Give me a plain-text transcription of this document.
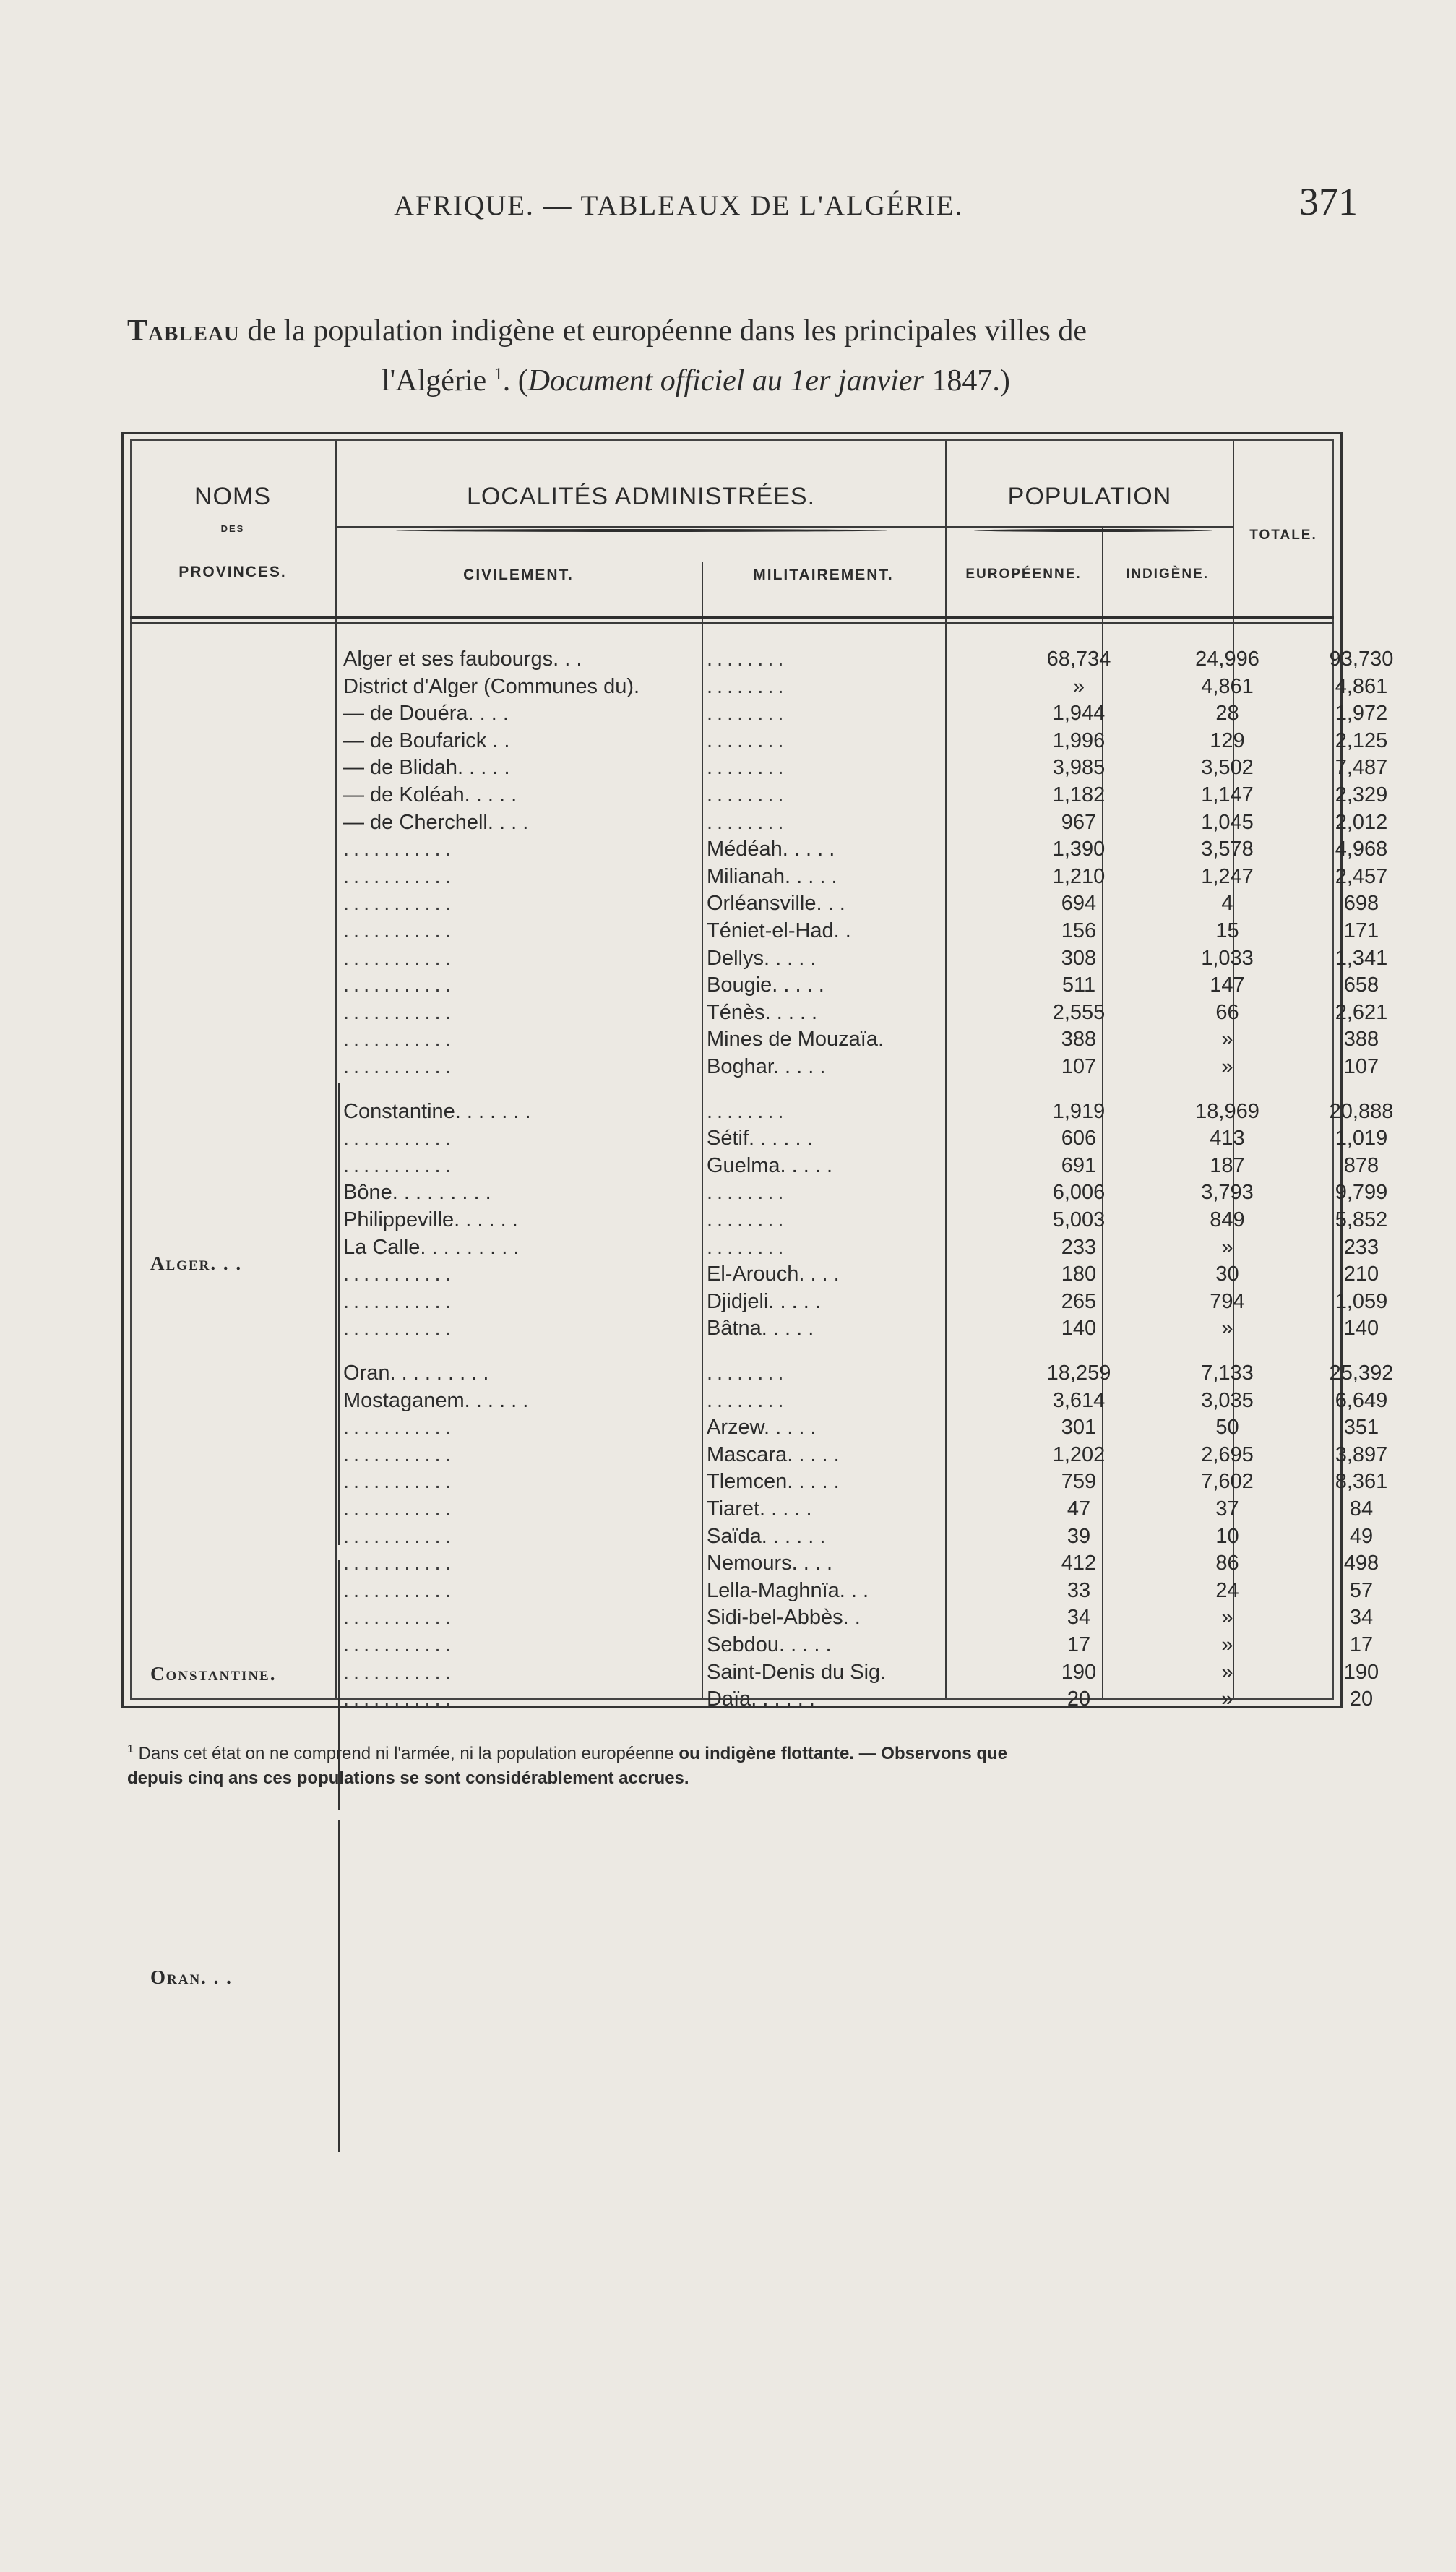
AFRIQUE. — TABLEAUX DE L'ALGÉRIE.	371
Tableau de la population indigène et européenne dans les principales villes de
l'Algérie $^1$. (Document officiel au 1er janvier 1847.)
NOMS
DES
PROVINCES.
LOCALITÉS ADMINISTRÉES.
CIVILEMENT.	MILITAIREMENT.
POPULATION
EUROPÉENNE.	INDIGÈNE.
TOTALE.
Alger. . .
Constantine.
Oran. . .
Alger et ses faubourgs. . .	........	68,734	24,996	93,730
District d'Alger (Communes du).	........	»	4,861	4,861
— de Douéra. . . .	........	1,944	28	1,972
— de Boufarick . .	........	1,996	129	2,125
— de Blidah. . . . .	........	3,985	3,502	7,487
— de Koléah. . . . .	........	1,182	1,147	2,329
— de Cherchell. . . .	........	967	1,045	2,012
...........	Médéah. . . . .	1,390	3,578	4,968
...........	Milianah. . . . .	1,210	1,247	2,457
...........	Orléansville. . .	694	4	698
...........	Téniet-el-Had. .	156	15	171
...........	Dellys. . . . .	308	1,033	1,341
...........	Bougie. . . . .	511	147	658
...........	Ténès. . . . .	2,555	66	2,621
...........	Mines de Mouzaïa.	388	»	388
...........	Boghar. . . . .	107	»	107
Constantine. . . . . . .	........	1,919	18,969	20,888
...........	Sétif. . . . . .	606	413	1,019
...........	Guelma. . . . .	691	187	878
Bône. . . . . . . . .	........	6,006	3,793	9,799
Philippeville. . . . . .	........	5,003	849	5,852
La Calle. . . . . . . . .	........	233	»	233
...........	El-Arouch. . . .	180	30	210
...........	Djidjeli. . . . .	265	794	1,059
...........	Bâtna. . . . .	140	»	140
Oran. . . . . . . . .	........	18,259	7,133	25,392
Mostaganem. . . . . .	........	3,614	3,035	6,649
...........	Arzew. . . . .	301	50	351
...........	Mascara. . . . .	1,202	2,695	3,897
...........	Tlemcen. . . . .	759	7,602	8,361
...........	Tiaret. . . . .	47	37	84
...........	Saïda. . . . . .	39	10	49
...........	Nemours. . . .	412	86	498
...........	Lella-Maghnïa. . .	33	24	57
...........	Sidi-bel-Abbès. .	34	»	34
...........	Sebdou. . . . .	17	»	17
...........	Saint-Denis du Sig.	190	»	190
...........	Daïa. . . . . .	20	»	20
$^1$ Dans cet état on ne comprend ni l'armée, ni la population européenne ou indigène flottante. — Observons que
depuis cinq ans ces populations se sont considérablement accrues.
